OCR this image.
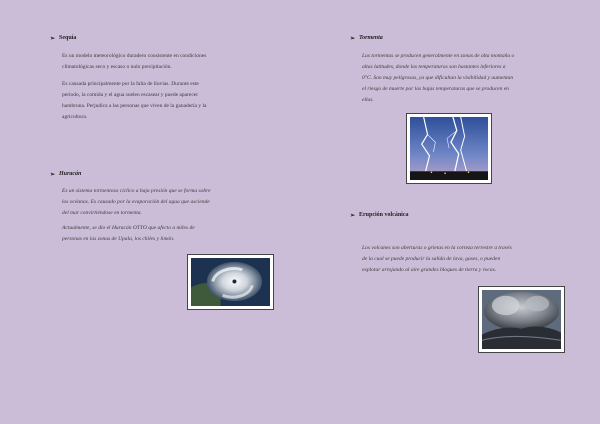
➢ Sequía

Es un modelo meteorológico duradero consistente en condiciones

climatológicas seco y escaso o nulo precipitación.

Es causada principalmente por la falta de lluvias. Durante este

periodo, la comida y el agua suelen escasear y puede aparecer

hambruna. Perjudica a las personas que viven de la ganadería y la

agricultura.

➢ Huracán

Es un sistema tormentoso cíclico a baja presión que se forma sobre

los océanos. Es causado por la evaporación del agua que asciende

del mar convirtiéndose en tormenta.

Actualmente, se dio el Huracán OTTO que afecto a miles de

personas en las zonas de Upala, los chiles y limón.

➢ Tormenta

Las tormentas se producen generalmente en zonas de alta montaña o

altas latitudes, donde las temperaturas son bastantes inferiores a

0°C. Son muy peligrosas, ya que dificultan la visibilidad y aumentan

el riesgo de muerte por las bajas temperaturas que se producen en

ellas.

➢ Erupción volcánica

Los volcanes son aberturas o grietas en la corteza terrestre a través

de la cual se puede producir la salida de lava, gases, o pueden

explotar arrojando al aire grandes bloques de tierra y rocas.
